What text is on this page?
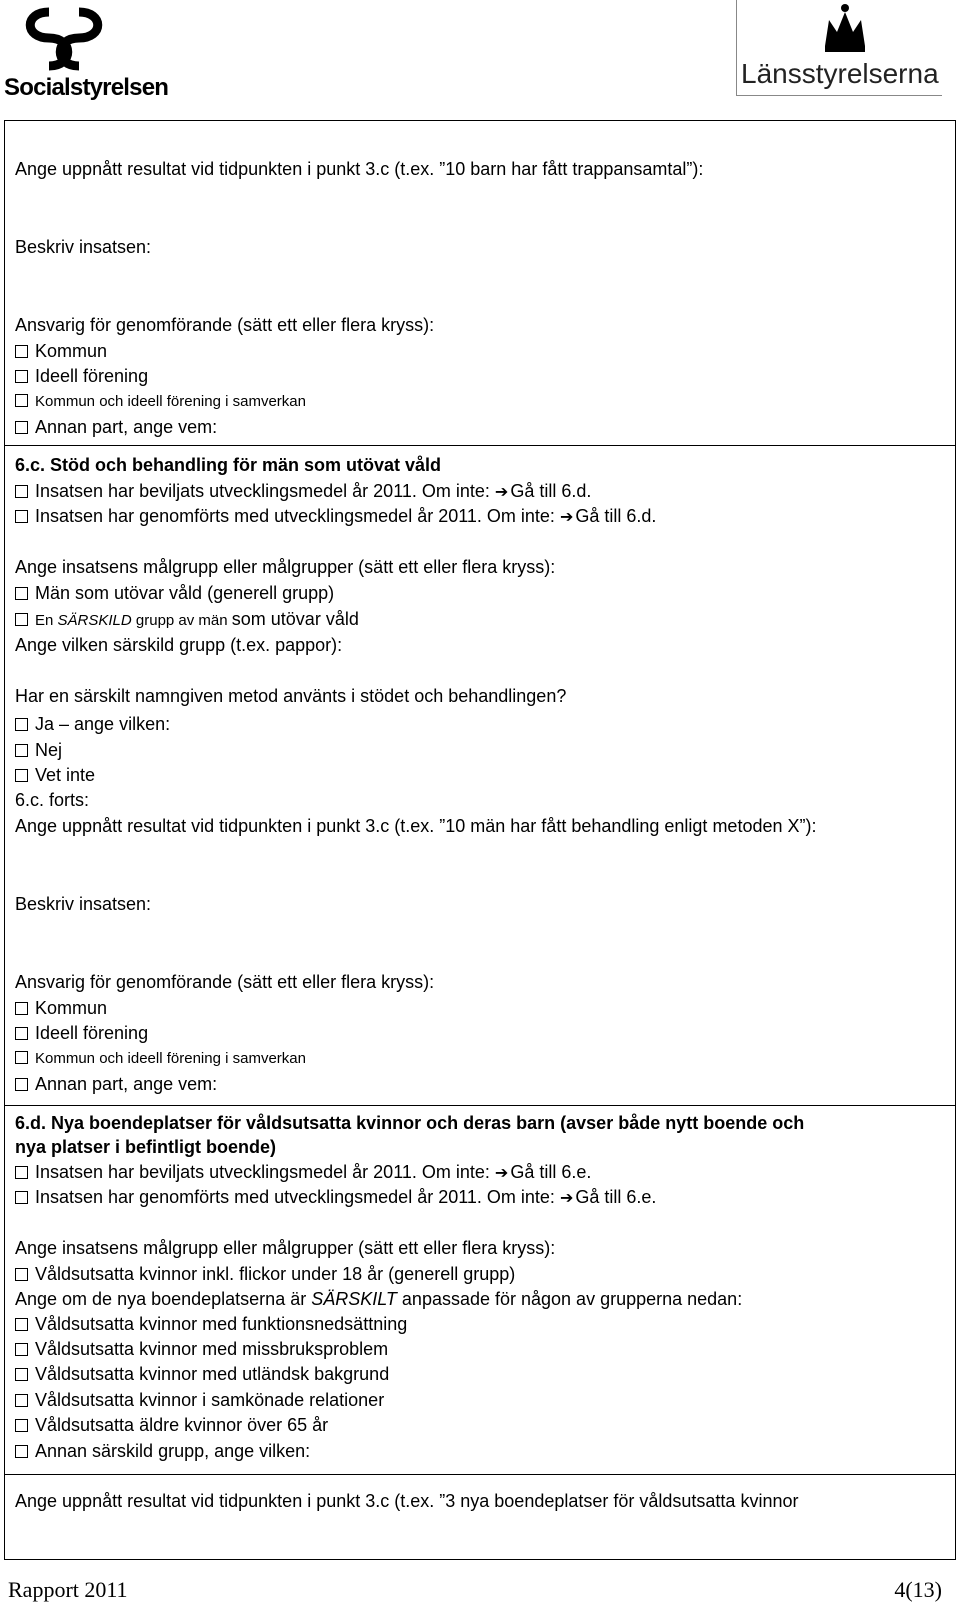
Socialstyrelsen	Länsstyrelserna
Ange uppnått resultat vid tidpunkten i punkt 3.c (t.ex. ”10 barn har fått trappansamtal”):
Beskriv insatsen:
Ansvarig för genomförande (sätt ett eller flera kryss):
Kommun
Ideell förening
Kommun och ideell förening i samverkan
Annan part, ange vem:
6.c. Stöd och behandling för män som utövat våld
Insatsen har beviljats utvecklingsmedel år 2011. Om inte: ➔ Gå till 6.d.
Insatsen har genomförts med utvecklingsmedel år 2011. Om inte: ➔ Gå till 6.d.
Ange insatsens målgrupp eller målgrupper (sätt ett eller flera kryss):
Män som utövar våld (generell grupp)
En SÄRSKILD grupp av män som utövar våld
Ange vilken särskild grupp (t.ex. pappor):
Har en särskilt namngiven metod använts i stödet och behandlingen?
Ja – ange vilken:
Nej
Vet inte
6.c. forts:
Ange uppnått resultat vid tidpunkten i punkt 3.c (t.ex. ”10 män har fått behandling enligt metoden X”):
Beskriv insatsen:
Ansvarig för genomförande (sätt ett eller flera kryss):
Kommun
Ideell förening
Kommun och ideell förening i samverkan
Annan part, ange vem:
6.d. Nya boendeplatser för våldsutsatta kvinnor och deras barn (avser både nytt boende och
nya platser i befintligt boende)
Insatsen har beviljats utvecklingsmedel år 2011. Om inte: ➔ Gå till 6.e.
Insatsen har genomförts med utvecklingsmedel år 2011. Om inte: ➔ Gå till 6.e.
Ange insatsens målgrupp eller målgrupper (sätt ett eller flera kryss):
Våldsutsatta kvinnor inkl. flickor under 18 år (generell grupp)
Ange om de nya boendeplatserna är SÄRSKILT anpassade för någon av grupperna nedan:
Våldsutsatta kvinnor med funktionsnedsättning
Våldsutsatta kvinnor med missbruksproblem
Våldsutsatta kvinnor med utländsk bakgrund
Våldsutsatta kvinnor i samkönade relationer
Våldsutsatta äldre kvinnor över 65 år
Annan särskild grupp, ange vilken:
Ange uppnått resultat vid tidpunkten i punkt 3.c (t.ex. ”3 nya boendeplatser för våldsutsatta kvinnor
Rapport 2011	4(13)
